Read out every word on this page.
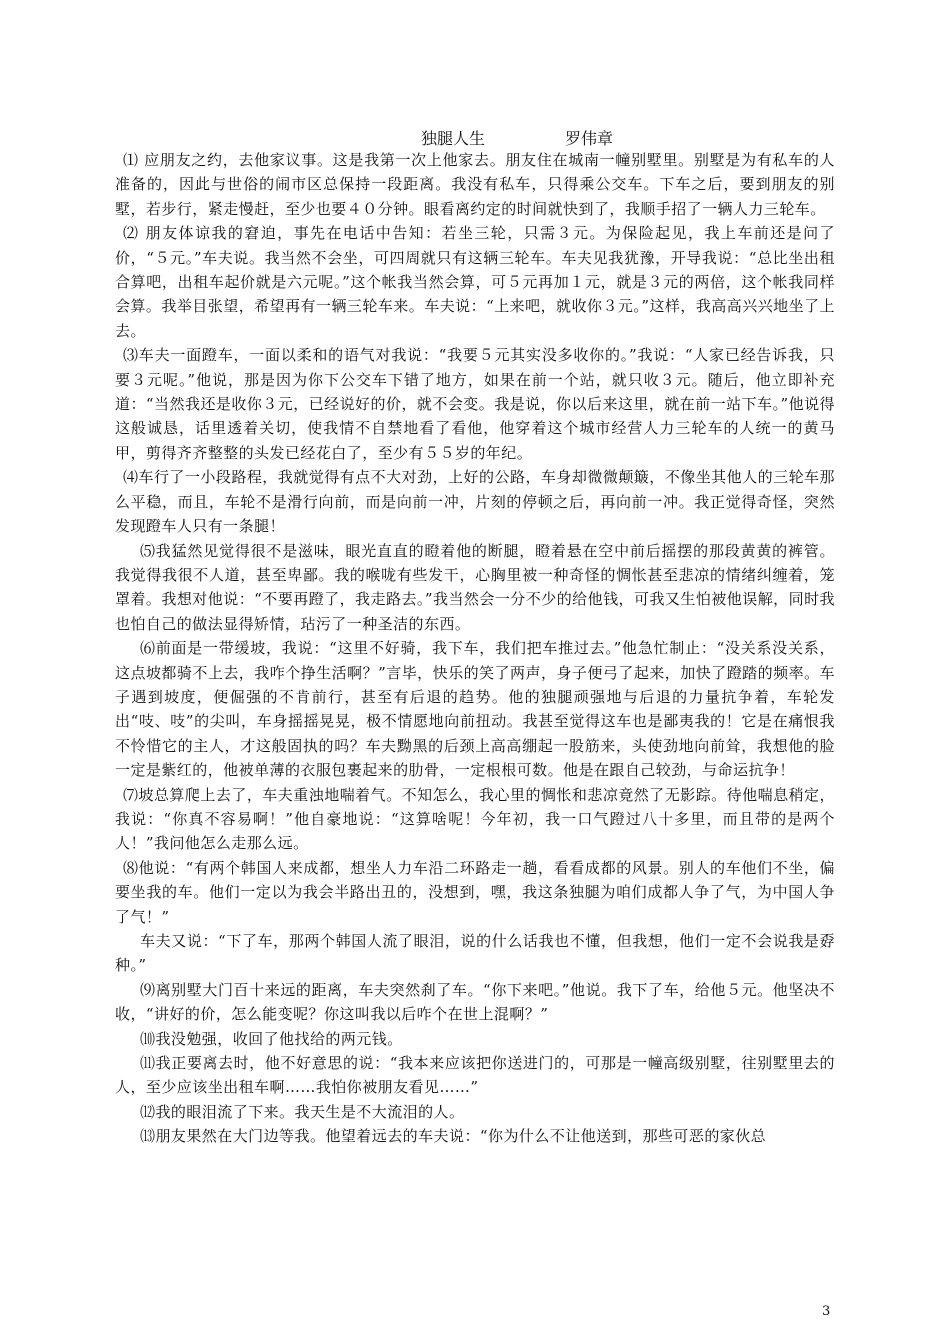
独腿人生	罗伟章

⑴ 应朋友之约，去他家议事。这是我第一次上他家去。朋友住在城南一幢别墅里。别墅是为有私车的人准备的，因此与世俗的闹市区总保持一段距离。我没有私车，只得乘公交车。下车之后，要到朋友的别墅，若步行，紧走慢赶，至少也要４０分钟。眼看离约定的时间就快到了，我顺手招了一辆人力三轮车。

⑵ 朋友体谅我的窘迫，事先在电话中告知：若坐三轮，只需３元。为保险起见，我上车前还是问了价，“５元。”车夫说。我当然不会坐，可四周就只有这辆三轮车。车夫见我犹豫，开导我说：“总比坐出租合算吧，出租车起价就是六元呢。”这个帐我当然会算，可５元再加１元，就是３元的两倍，这个帐我同样会算。我举目张望，希望再有一辆三轮车来。车夫说：“上来吧，就收你３元。”这样，我高高兴兴地坐了上去。

⑶车夫一面蹬车，一面以柔和的语气对我说：“我要５元其实没多收你的。”我说：“人家已经告诉我，只要３元呢。”他说，那是因为你下公交车下错了地方，如果在前一个站，就只收３元。随后，他立即补充道：“当然我还是收你３元，已经说好的价，就不会变。我是说，你以后来这里，就在前一站下车。”他说得这般诚恳，话里透着关切，使我情不自禁地看了看他，他穿着这个城市经营人力三轮车的人统一的黄马甲，剪得齐齐整整的头发已经花白了，至少有５５岁的年纪。

⑷车行了一小段路程，我就觉得有点不大对劲，上好的公路，车身却微微颠簸，不像坐其他人的三轮车那么平稳，而且，车轮不是滑行向前，而是向前一冲，片刻的停顿之后，再向前一冲。我正觉得奇怪，突然发现蹬车人只有一条腿！

⑸我猛然见觉得很不是滋味，眼光直直的瞪着他的断腿，瞪着悬在空中前后摇摆的那段黄黄的裤管。我觉得我很不人道，甚至卑鄙。我的喉咙有些发干，心胸里被一种奇怪的惆怅甚至悲凉的情绪纠缠着，笼罩着。我想对他说：“不要再蹬了，我走路去。”我当然会一分不少的给他钱，可我又生怕被他误解，同时我也怕自己的做法显得矫情，玷污了一种圣洁的东西。

⑹前面是一带缓坡，我说：“这里不好骑，我下车，我们把车推过去。”他急忙制止：“没关系没关系，这点坡都骑不上去，我咋个挣生活啊？”言毕，快乐的笑了两声，身子便弓了起来，加快了蹬踏的频率。车子遇到坡度，便倔强的不肯前行，甚至有后退的趋势。他的独腿顽强地与后退的力量抗争着，车轮发出“吱、吱”的尖叫，车身摇摇晃晃，极不情愿地向前扭动。我甚至觉得这车也是鄙夷我的！它是在痛恨我不怜惜它的主人，才这般固执的吗？车夫黝黑的后颈上高高绷起一股筋来，头使劲地向前耸，我想他的脸一定是紫红的，他被单薄的衣服包裹起来的肋骨，一定根根可数。他是在跟自己较劲，与命运抗争！

⑺坡总算爬上去了，车夫重浊地喘着气。不知怎么，我心里的惆怅和悲凉竟然了无影踪。待他喘息稍定，我说：“你真不容易啊！”他自豪地说：“这算啥呢！今年初，我一口气蹬过八十多里，而且带的是两个人！”我问他怎么走那么远。

⑻他说：“有两个韩国人来成都，想坐人力车沿二环路走一趟，看看成都的风景。别人的车他们不坐，偏要坐我的车。他们一定以为我会半路出丑的，没想到，嘿，我这条独腿为咱们成都人争了气，为中国人争了气！”

车夫又说：“下了车，那两个韩国人流了眼泪，说的什么话我也不懂，但我想，他们一定不会说我是孬种。”

⑼离别墅大门百十来远的距离，车夫突然刹了车。“你下来吧。”他说。我下了车，给他５元。他坚决不收，“讲好的价，怎么能变呢？你这叫我以后咋个在世上混啊？”

⑽我没勉强，收回了他找给的两元钱。

⑾我正要离去时，他不好意思的说：“我本来应该把你送进门的，可那是一幢高级别墅，往别墅里去的人，至少应该坐出租车啊……我怕你被朋友看见……”

⑿我的眼泪流了下来。我天生是不大流泪的人。

⒀朋友果然在大门边等我。他望着远去的车夫说：“你为什么不让他送到，那些可恶的家伙总

3
